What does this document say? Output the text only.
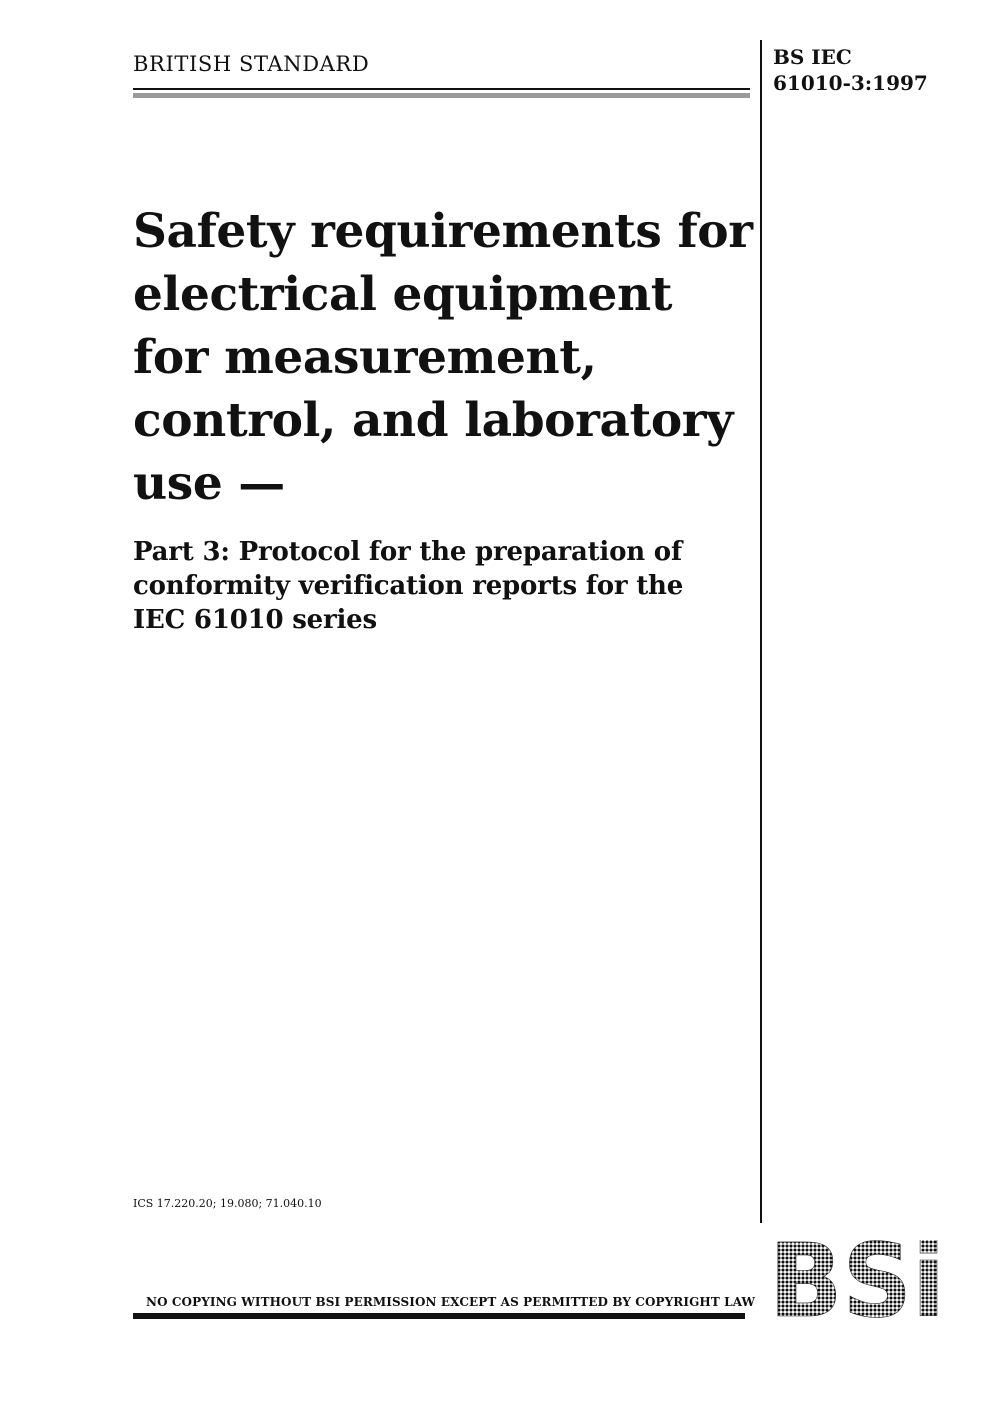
BRITISH STANDARD	BS IEC
61010-3:1997
Safety requirements for
electrical equipment
for measurement,
control, and laboratory
use —
Part 3: Protocol for the preparation of
conformity verification reports for the
IEC 61010 series
ICS 17.220.20; 19.080; 71.040.10
NO COPYING WITHOUT BSI PERMISSION EXCEPT AS PERMITTED BY COPYRIGHT LAW BSi
